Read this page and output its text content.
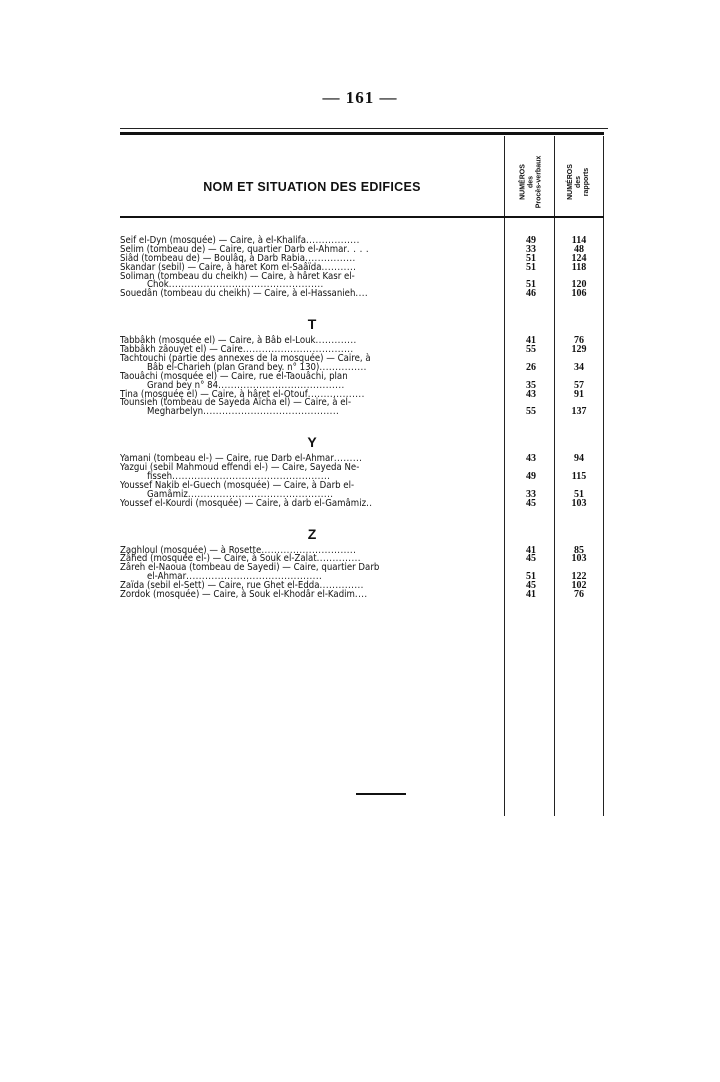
— 161 —
NOM ET SITUATION DES EDIFICES	NUMÉROS des Procès-verbaux	NUMÉROS des rapports
Seif el-Dyn (mosquée) — Caire, à el-Khalifa.................	49	114
Selim (tombeau de) — Caire, quartier Darb el-Ahmar. . . .	33	48
Siâd (tombeau de) — Boulâq, à Darb Rabia................	51	124
Skandar (sebil) — Caire, à haret Kom el-Saâïda...........	51	118
Soliman (tombeau du cheikh) — Caire, à hâret Kasr el-
Chok.................................................	51	120
Souedân (tombeau du cheikh) — Caire, à el-Hassanieh....	46	106
T
Tabbâkh (mosquée el) — Caire, à Bâb el-Louk.............	41	76
Tabbâkh zâouyet el) — Caire...................................	55	129
Tachtouchi (partie des annexes de la mosquée) — Caire, à
Bâb el-Charieh (plan Grand bey. n° 130)...............	26	34
Taouâchi (mosquée el) — Caire, rue el-Taouâchi, plan
Grand bey n° 84........................................	35	57
Tina (mosquée el) — Caire, à hâret el-Otouf..................	43	91
Tounsieh (tombeau de Sayeda Aïcha el) — Caire, à el-
Megharbelyn...........................................	55	137
Y
Yamani (tombeau el-) — Caire, rue Darb el-Ahmar.........	43	94
Yazgui (sebil Mahmoud effendi el-) — Caire, Sayeda Ne-
fisseh..................................................	49	115
Youssef Nakib el-Guech (mosquée) — Caire, à Darb el-
Gamâmiz..............................................	33	51
Youssef el-Kourdi (mosquée) — Caire, à darb el-Gamâmiz..	45	103
Z
Zaghloul (mosquée) — à Rosette..............................	41	85
Zâhed (mosquée el-) — Caire, à Souk el-Zalat..............	45	103
Zâreh el-Naoua (tombeau de Sayedi) — Caire, quartier Darb
el-Ahmar...........................................	51	122
Zaïda (sebil el-Sett) — Caire, rue Ghet el-Edda..............	45	102
Zordok (mosquée) — Caire, à Souk el-Khodâr el-Kadim....	41	76
